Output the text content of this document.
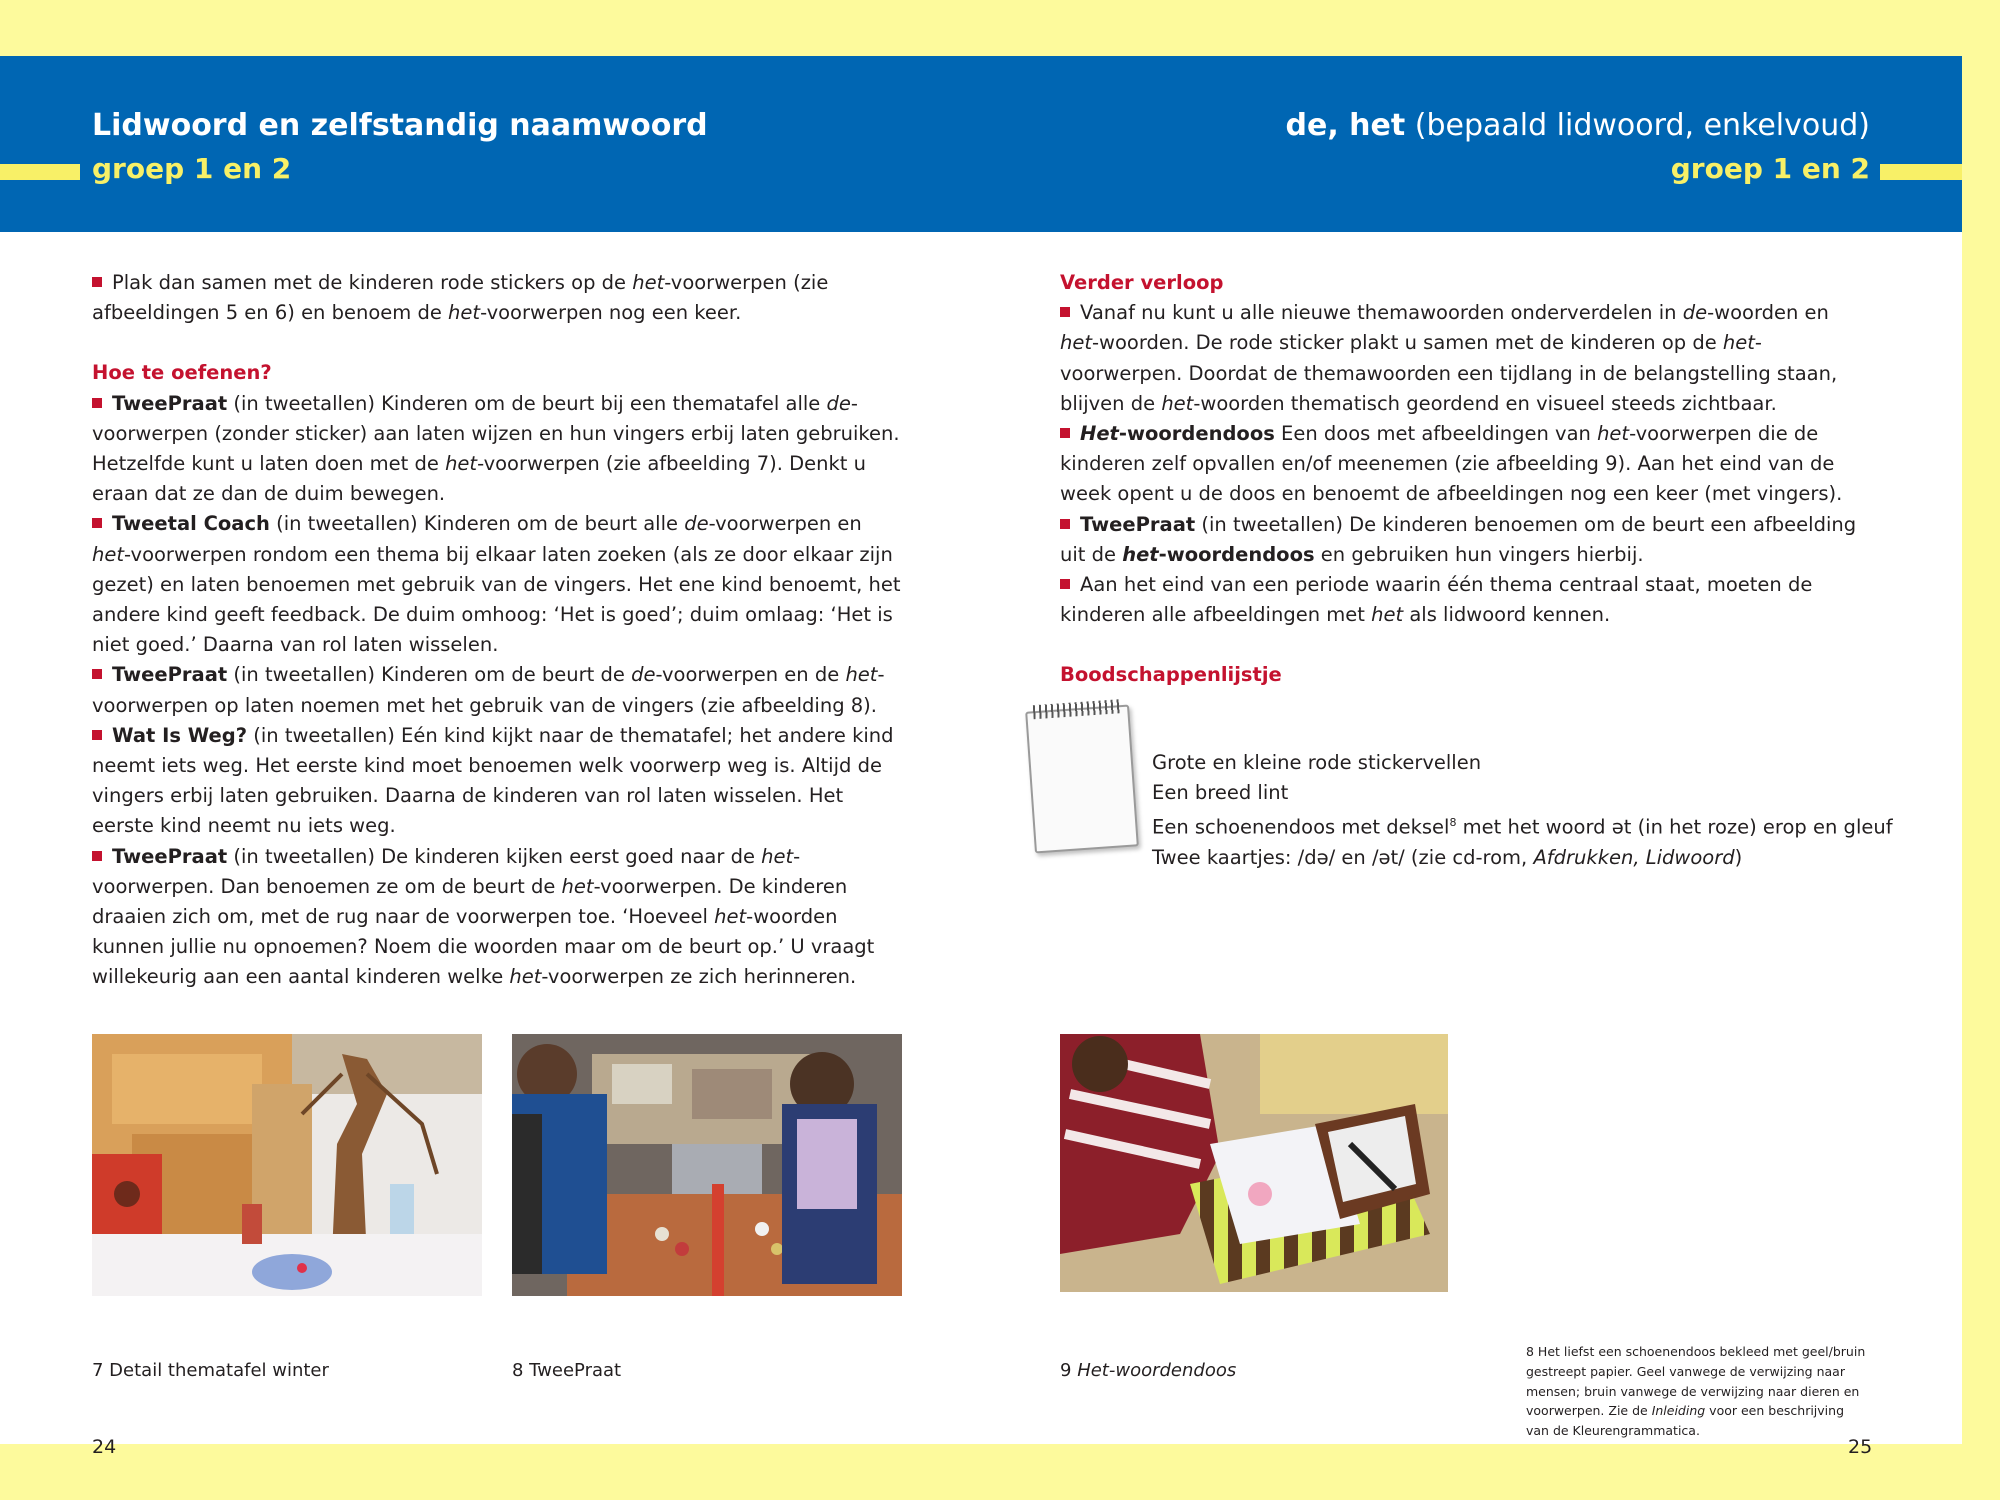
Lidwoord en zelfstandig naamwoord
groep 1 en 2
de, het (bepaald lidwoord, enkelvoud)
groep 1 en 2

Plak dan samen met de kinderen rode stickers op de het-voorwerpen (zie afbeeldingen 5 en 6) en benoem de het-voorwerpen nog een keer.

Hoe te oefenen?

TweePraat (in tweetallen) Kinderen om de beurt bij een thematafel alle de-voorwerpen (zonder sticker) aan laten wijzen en hun vingers erbij laten gebruiken. Hetzelfde kunt u laten doen met de het-voorwerpen (zie afbeelding 7). Denkt u eraan dat ze dan de duim bewegen.

Tweetal Coach (in tweetallen) Kinderen om de beurt alle de-voorwerpen en het-voorwerpen rondom een thema bij elkaar laten zoeken (als ze door elkaar zijn gezet) en laten benoemen met gebruik van de vingers. Het ene kind benoemt, het andere kind geeft feedback. De duim omhoog: ‘Het is goed’; duim omlaag: ‘Het is niet goed.’ Daarna van rol laten wisselen.

TweePraat (in tweetallen) Kinderen om de beurt de de-voorwerpen en de het-voorwerpen op laten noemen met het gebruik van de vingers (zie afbeelding 8).

Wat Is Weg? (in tweetallen) Eén kind kijkt naar de thematafel; het andere kind neemt iets weg. Het eerste kind moet benoemen welk voorwerp weg is. Altijd de vingers erbij laten gebruiken. Daarna de kinderen van rol laten wisselen. Het eerste kind neemt nu iets weg.

TweePraat (in tweetallen) De kinderen kijken eerst goed naar de het-voorwerpen. Dan benoemen ze om de beurt de het-voorwerpen. De kinderen draaien zich om, met de rug naar de voorwerpen toe. ‘Hoeveel het-woorden kunnen jullie nu opnoemen? Noem die woorden maar om de beurt op.’ U vraagt willekeurig aan een aantal kinderen welke het-voorwerpen ze zich herinneren.

Verder verloop

Vanaf nu kunt u alle nieuwe themawoorden onderverdelen in de-woorden en het-woorden. De rode sticker plakt u samen met de kinderen op de het-voorwerpen. Doordat de themawoorden een tijdlang in de belangstelling staan, blijven de het-woorden thematisch geordend en visueel steeds zichtbaar.

Het-woordendoos Een doos met afbeeldingen van het-voorwerpen die de kinderen zelf opvallen en/of meenemen (zie afbeelding 9). Aan het eind van de week opent u de doos en benoemt de afbeeldingen nog een keer (met vingers).

TweePraat (in tweetallen) De kinderen benoemen om de beurt een afbeelding uit de het-woordendoos en gebruiken hun vingers hierbij.

Aan het eind van een periode waarin één thema centraal staat, moeten de kinderen alle afbeeldingen met het als lidwoord kennen.

Boodschappenlijstje

Grote en kleine rode stickervellen

Een breed lint

Een schoenendoos met deksel$^8$ met het woord ət (in het roze) erop en gleuf

Twee kaartjes: /də/ en /ət/ (zie cd-rom, Afdrukken, Lidwoord)

7 Detail thematafel winter	8 TweePraat	9 Het-woordendoos
8 Het liefst een schoenendoos bekleed met geel/bruin gestreept papier. Geel vanwege de verwijzing naar mensen; bruin vanwege de verwijzing naar dieren en voorwerpen. Zie de Inleiding voor een beschrijving van de Kleurengrammatica.
24	25
